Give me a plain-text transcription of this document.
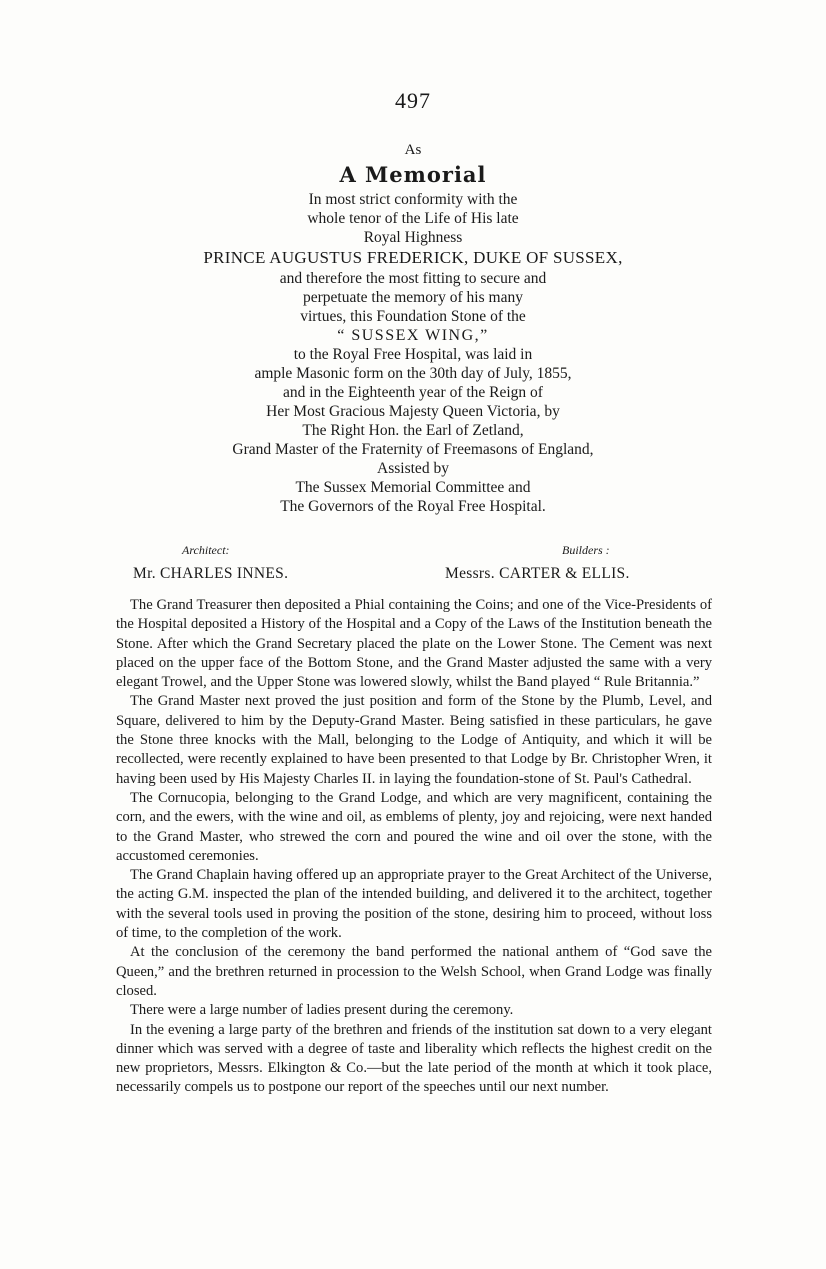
497
As
A Memorial
In most strict conformity with the
whole tenor of the Life of His late
Royal Highness
PRINCE AUGUSTUS FREDERICK, DUKE OF SUSSEX,
and therefore the most fitting to secure and
perpetuate the memory of his many
virtues, this Foundation Stone of the
“ SUSSEX WING,”
to the Royal Free Hospital, was laid in
ample Masonic form on the 30th day of July, 1855,
and in the Eighteenth year of the Reign of
Her Most Gracious Majesty Queen Victoria, by
The Right Hon. the Earl of Zetland,
Grand Master of the Fraternity of Freemasons of England,
Assisted by
The Sussex Memorial Committee and
The Governors of the Royal Free Hospital.
Architect:	Builders :
Mr. CHARLES INNES.	Messrs. CARTER & ELLIS.

The Grand Treasurer then deposited a Phial containing the Coins; and one of the Vice-Presidents of the Hospital deposited a History of the Hospital and a Copy of the Laws of the Institution beneath the Stone. After which the Grand Secretary placed the plate on the Lower Stone. The Cement was next placed on the upper face of the Bottom Stone, and the Grand Master adjusted the same with a very elegant Trowel, and the Upper Stone was lowered slowly, whilst the Band played “ Rule Britannia.”

The Grand Master next proved the just position and form of the Stone by the Plumb, Level, and Square, delivered to him by the Deputy-Grand Master. Being satisfied in these particulars, he gave the Stone three knocks with the Mall, belonging to the Lodge of Antiquity, and which it will be recollected, were recently explained to have been presented to that Lodge by Br. Christopher Wren, it having been used by His Majesty Charles II. in laying the foundation-stone of St. Paul's Cathedral.

The Cornucopia, belonging to the Grand Lodge, and which are very magnificent, containing the corn, and the ewers, with the wine and oil, as emblems of plenty, joy and rejoicing, were next handed to the Grand Master, who strewed the corn and poured the wine and oil over the stone, with the accustomed ceremonies.

The Grand Chaplain having offered up an appropriate prayer to the Great Architect of the Universe, the acting G.M. inspected the plan of the intended building, and delivered it to the architect, together with the several tools used in proving the position of the stone, desiring him to proceed, without loss of time, to the completion of the work.

At the conclusion of the ceremony the band performed the national anthem of “God save the Queen,” and the brethren returned in procession to the Welsh School, when Grand Lodge was finally closed.

There were a large number of ladies present during the ceremony.

In the evening a large party of the brethren and friends of the institution sat down to a very elegant dinner which was served with a degree of taste and liberality which reflects the highest credit on the new proprietors, Messrs. Elkington & Co.—but the late period of the month at which it took place, necessarily compels us to postpone our report of the speeches until our next number.
